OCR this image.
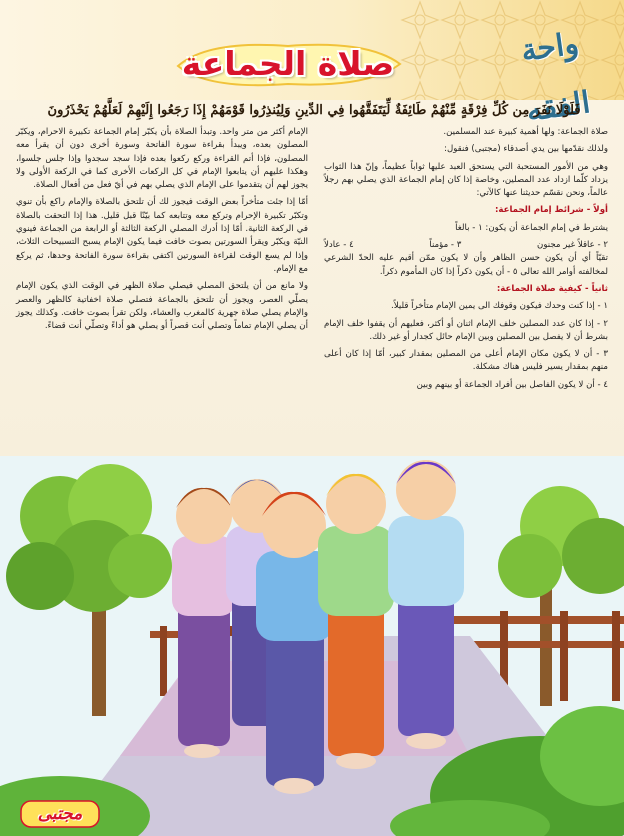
واحة الفقه
صلاة الجماعة
فَلَوْلَا نَفَرَ مِن كُلِّ فِرْقَةٍ مِّنْهُمْ طَائِفَةٌ لِّيَتَفَقَّهُوا فِي الدِّينِ وَلِيُنذِرُوا قَوْمَهُمْ إِذَا رَجَعُوا إِلَيْهِمْ لَعَلَّهُمْ يَحْذَرُونَ

صلاة الجماعة: ولها أهمية كبيرة عند المسلمين.

ولذلك نقدّمها بين يدي أصدقاء (مجتبى) فنقول:

وهي من الأمور المستحبة التي يستحق العبد عليها ثواباً عظيماً، وإنّ هذا الثواب يزداد كلّما ازداد عدد المصلين، وخاصة إذا كان إمام الجماعة الذي يصلي بهم رجلاً عالماً، ونحن نقسّم حديثنا عنها كالآتي:

أولاً - شرائط إمام الجماعة:

يشترط في إمام الجماعة أن يكون: ١ - بالغاً

٢ - عاقلاً غير مجنون
٣ - مؤمناً
٤ - عادلاً

تقيّاً أي أن يكون حسن الظاهر وأن لا يكون ممّن أقيم عليه الحدّ الشرعي لمخالفته أوامر الله تعالى ٥ - أن يكون ذكراً إذا كان المأموم ذكراً.

ثانياً - كيفية صلاة الجماعة:

١ - إذا كنت وحدك فيكون وقوفك الى يمين الإمام متأخراً قليلاً.

٢ - إذا كان عدد المصلين خلف الإمام اثنان أو أكثر، فعليهم أن يقفوا خلف الإمام بشرط أن لا يفصل بين المصلين وبين الإمام حائل كجدار أو غير ذلك.

٣ - أن لا يكون مكان الإمام أعلى من المصلين بمقدار كبير، أمّا إذا كان أعلى منهم بمقدار يسير فليس هناك مشكلة.

٤ - أن لا يكون الفاصل بين أفراد الجماعة أو بينهم وبين

الإمام أكثر من متر واحد. وتبدأ الصلاة بأن يكبّر إمام الجماعة تكبيرة الاحرام، ويكبّر المصلون بعده، ويبدأ بقراءة سورة الفاتحة وسورة أخرى دون أن يقرأ معه المصلون، فإذا أتم القراءة وركع ركعوا بعده فإذا سجد سجدوا وإذا جلس جلسوا، وهكذا عليهم أن يتابعوا الإمام في كل الركعات الأخرى كما في الركعة الأولى ولا يجوز لهم أن يتقدموا على الإمام الذي يصلي بهم في أيّ فعل من أفعال الصلاة.

أمّا إذا جئت متأخراً بعض الوقت فيجوز لك أن تلتحق بالصلاة والإمام راكع بأن تنوي وتكبّر تكبيرة الإحرام وتركع معه وتتابعه كما بيّنّا قبل قليل. هذا إذا التحقت بالصلاة في الركعة الثانية. أمّا إذا أدرك المصلي الركعة الثالثة أو الرابعة من الجماعة فينوي النيّة ويكبّر ويقرأ السورتين بصوت خافت فيما يكون الإمام يسبح التسبيحات الثلاث، وإذا لم يسع الوقت لقراءة السورتين اكتفى بقراءة سورة الفاتحة وحدها، ثم يركع مع الإمام.

ولا مانع من أن يلتحق المصلي فيصلي صلاة الظهر في الوقت الذي يكون الإمام يصلّي العصر، ويجوز أن تلتحق بالجماعة فتصلي صلاة اخفاتية كالظهر والعصر والإمام يصلي صلاة جهرية كالمغرب والعشاء، ولكن تقرأ بصوت خافت. وكذلك يجوز أن يصلي الإمام تماماً وتصلي أنت قصراً أو يصلي هو أداءً وتصلّي أنت قضاءً.

مجتبى
